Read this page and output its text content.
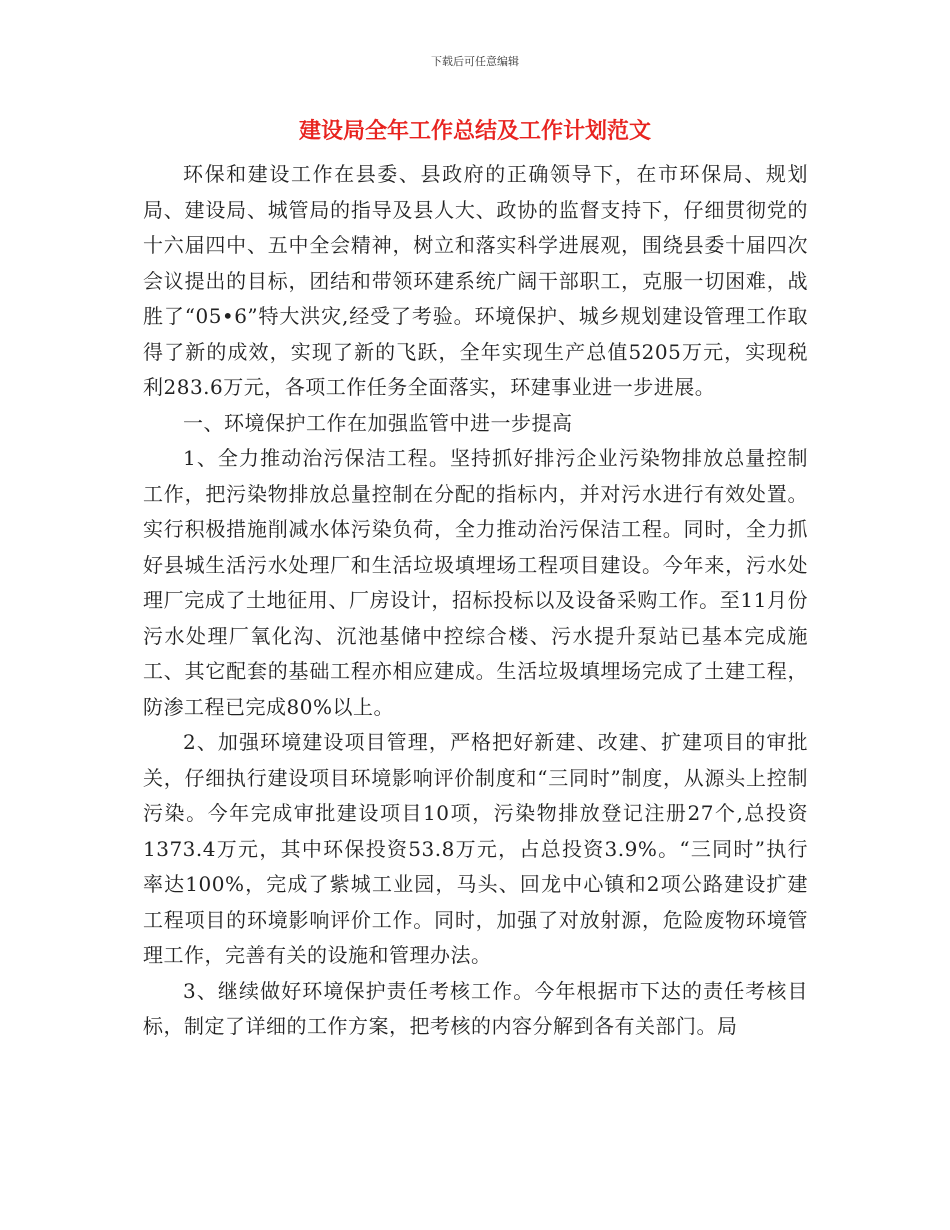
下载后可任意编辑
建设局全年工作总结及工作计划范文

环保和建设工作在县委、县政府的正确领导下，在市环保局、规划局、建设局、城管局的指导及县人大、政协的监督支持下，仔细贯彻党的十六届四中、五中全会精神，树立和落实科学进展观，围绕县委十届四次会议提出的目标，团结和带领环建系统广阔干部职工，克服一切困难，战胜了“05•6”特大洪灾,经受了考验。环境保护、城乡规划建设管理工作取得了新的成效，实现了新的飞跃，全年实现生产总值5205万元，实现税利283.6万元，各项工作任务全面落实，环建事业进一步进展。

一、环境保护工作在加强监管中进一步提高

1、全力推动治污保洁工程。坚持抓好排污企业污染物排放总量控制工作，把污染物排放总量控制在分配的指标内，并对污水进行有效处置。实行积极措施削减水体污染负荷，全力推动治污保洁工程。同时，全力抓好县城生活污水处理厂和生活垃圾填埋场工程项目建设。今年来，污水处理厂完成了土地征用、厂房设计，招标投标以及设备采购工作。至11月份污水处理厂氧化沟、沉池基储中控综合楼、污水提升泵站已基本完成施工、其它配套的基础工程亦相应建成。生活垃圾填埋场完成了土建工程，防渗工程已完成80%以上。

2、加强环境建设项目管理，严格把好新建、改建、扩建项目的审批关，仔细执行建设项目环境影响评价制度和“三同时”制度，从源头上控制污染。今年完成审批建设项目10项，污染物排放登记注册27个,总投资1373.4万元，其中环保投资53.8万元，占总投资3.9%。“三同时”执行率达100%，完成了紫城工业园，马头、回龙中心镇和2项公路建设扩建工程项目的环境影响评价工作。同时，加强了对放射源，危险废物环境管理工作，完善有关的设施和管理办法。

3、继续做好环境保护责任考核工作。今年根据市下达的责任考核目标，制定了详细的工作方案，把考核的内容分解到各有关部门。局
